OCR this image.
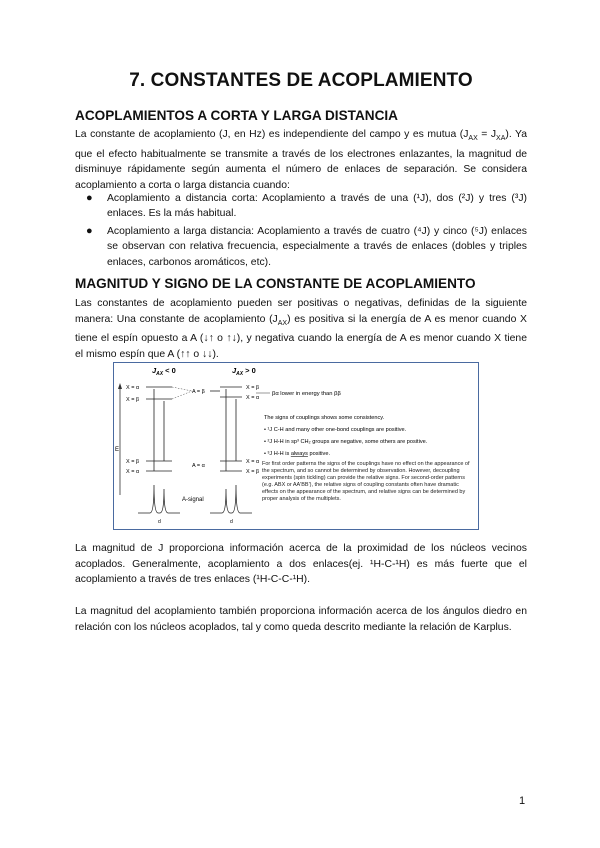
7. CONSTANTES DE ACOPLAMIENTO
ACOPLAMIENTOS A CORTA Y LARGA DISTANCIA

La constante de acoplamiento (J, en Hz) es independiente del campo y es mutua $(J_{AX} = J_{XA})$. Ya que el efecto habitualmente se transmite a través de los electrones enlazantes, la magnitud de disminuye rápidamente según aumenta el número de enlaces de separación. Se considera acoplamiento a corta o larga distancia cuando:

● Acoplamiento a distancia corta: Acoplamiento a través de una (¹J), dos (²J) y tres (³J) enlaces. Es la más habitual.
● Acoplamiento a larga distancia: Acoplamiento a través de cuatro (⁴J) y cinco (⁵J) enlaces se observan con relativa frecuencia, especialmente a través de enlaces (dobles y triples enlaces, carbonos aromáticos, etc).
MAGNITUD Y SIGNO DE LA CONSTANTE DE ACOPLAMIENTO

Las constantes de acoplamiento pueden ser positivas o negativas, definidas de la siguiente manera: Una constante de acoplamiento $(J_{AX})$ es positiva si la energía de A es menor cuando X tiene el espín opuesto a A (↓↑ o ↑↓), y negativa cuando la energía de A es menor cuando X tiene el mismo espín que A (↑↑ o ↓↓).

$J_{AX} < 0$	$J_{AX} > 0$
E
X = α
X = β
A = β
X = β
X = α
X = β
X = α
A = α
X = α
X = β
A-signal
d	d
βα lower in energy than ββ
The signs of couplings shows some consistency.
• ¹J C-H and many other one-bond couplings are positive.
• ²J H-H in sp³ CH₂ groups are negative, some others are positive.
• ³J H-H is always positive.
For first order patterns the signs of the couplings have no effect on the appearance of the spectrum, and so cannot be determined by observation. However, decoupling experiments (spin tickling) can provide the relative signs. For second-order patterns (e.g. ABX or AA'BB'), the relative signs of coupling constants often have dramatic effects on the appearance of the spectrum, and relative signs can be determined by proper analysis of the multiplets.

La magnitud de J proporciona información acerca de la proximidad de los núcleos vecinos acoplados. Generalmente, acoplamiento a dos enlaces(ej. ¹H-C-¹H) es más fuerte que el acoplamiento a través de tres enlaces (¹H-C-C-¹H).

La magnitud del acoplamiento también proporciona información acerca de los ángulos diedro en relación con los núcleos acoplados, tal y como queda descrito mediante la relación de Karplus.

1
